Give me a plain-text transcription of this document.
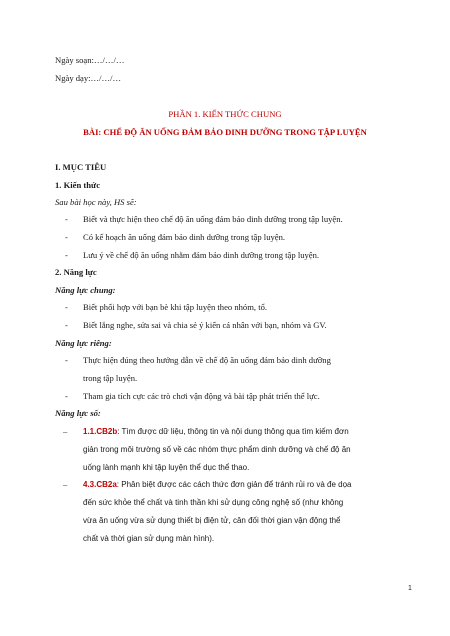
Ngày soạn:…/…/…
Ngày dạy:…/…/…
PHẦN 1. KIẾN THỨC CHUNG
BÀI: CHẾ ĐỘ ĂN UỐNG ĐẢM BẢO DINH DƯỠNG TRONG TẬP LUYỆN
I. MỤC TIÊU
1. Kiến thức
Sau bài học này, HS sẽ:
- Biết và thực hiện theo chế độ ăn uống đảm bảo dinh dưỡng trong tập luyện.
- Có kế hoạch ăn uống đảm bảo dinh dưỡng trong tập luyện.
- Lưu ý về chế độ ăn uống nhằm đảm bảo dinh dưỡng trong tập luyện.
2. Năng lực
Năng lực chung:
- Biết phối hợp với bạn bè khi tập luyện theo nhóm, tổ.
- Biết lắng nghe, sửa sai và chia sẻ ý kiến cá nhân với bạn, nhóm và GV.
Năng lực riêng:
- Thực hiện đúng theo hướng dẫn về chế độ ăn uống đảm bảo dinh dưỡng
trong tập luyện.
- Tham gia tích cực các trò chơi vận động và bài tập phát triển thể lực.
Năng lực số:
– 1.1.CB2b: Tìm được dữ liệu, thông tin và nội dung thông qua tìm kiếm đơn
giản trong môi trường số về các nhóm thực phẩm dinh dưỡng và chế độ ăn
uống lành mạnh khi tập luyện thể dục thể thao.
– 4.3.CB2a: Phân biệt được các cách thức đơn giản để tránh rủi ro và đe dọa
đến sức khỏe thể chất và tinh thần khi sử dụng công nghệ số (như không
vừa ăn uống vừa sử dụng thiết bị điện tử, cân đối thời gian vận động thể
chất và thời gian sử dụng màn hình).
1
